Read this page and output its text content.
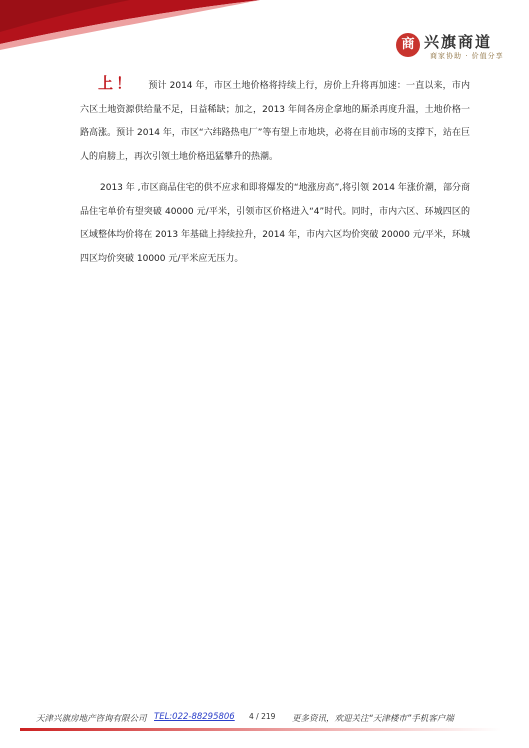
商 兴旗商道
商家协助 · 价值分享

上！ 预计 2014 年，市区土地价格将持续上行，房价上升将再加速：一直以来，市内六区土地资源供给量不足，日益稀缺；加之，2013 年间各房企拿地的厮杀再度升温，土地价格一路高涨。预计 2014 年，市区“六纬路热电厂”等有望上市地块，必将在目前市场的支撑下，站在巨人的肩膀上，再次引领土地价格迅猛攀升的热潮。

2013 年 ,市区商品住宅的供不应求和即将爆发的“地涨房高”,将引领 2014 年涨价潮，部分商品住宅单价有望突破 40000 元/平米，引领市区价格进入“4”时代。同时，市内六区、环城四区的区域整体均价将在 2013 年基础上持续拉升，2014 年，市内六区均价突破 20000 元/平米，环城四区均价突破 10000 元/平米应无压力。

天津兴旗房地产咨询有限公司 TEL:022-88295806 4 / 219 更多资讯，欢迎关注“天津楼市”手机客户端
